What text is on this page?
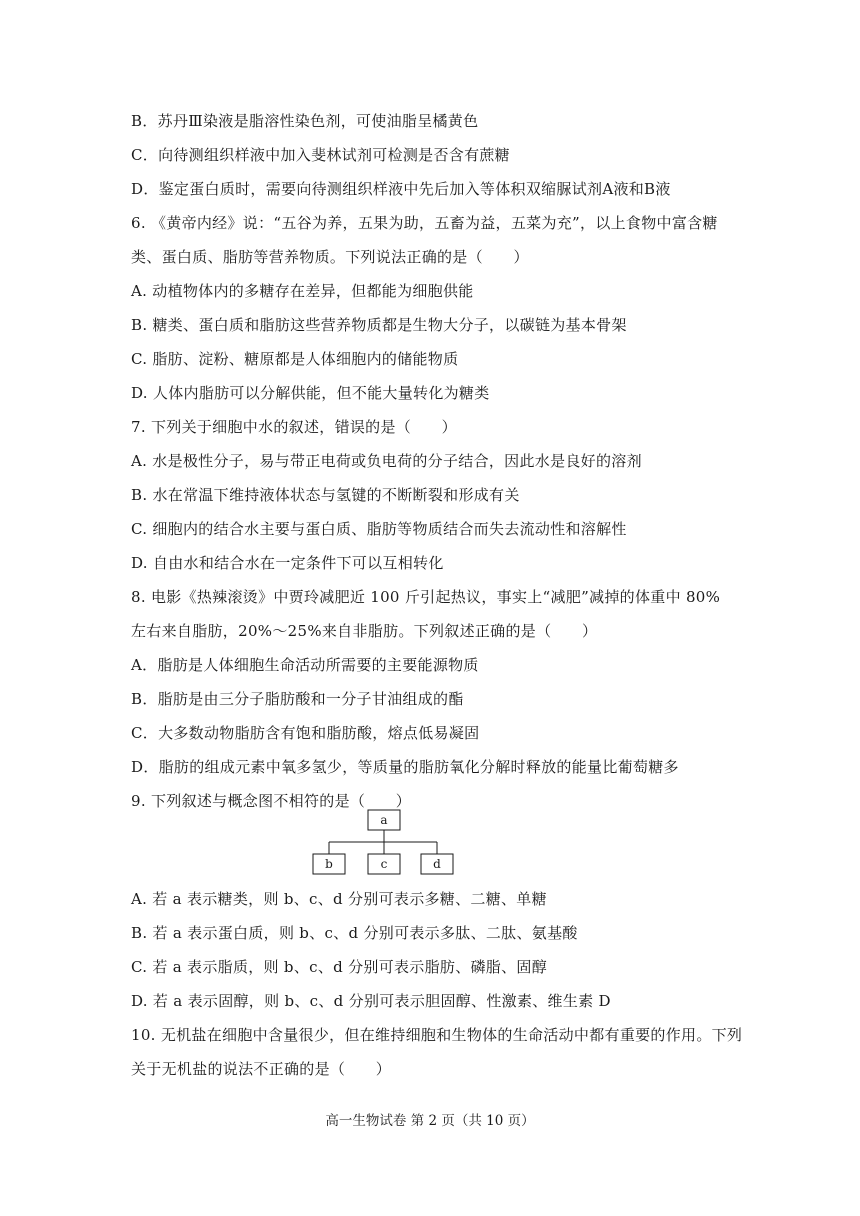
B．苏丹Ⅲ染液是脂溶性染色剂，可使油脂呈橘黄色
C．向待测组织样液中加入斐林试剂可检测是否含有蔗糖
D．鉴定蛋白质时，需要向待测组织样液中先后加入等体积双缩脲试剂A液和B液
6. 《黄帝内经》说：“五谷为养，五果为助，五畜为益，五菜为充”，以上食物中富含糖
类、蛋白质、脂肪等营养物质。下列说法正确的是（　　）
A. 动植物体内的多糖存在差异，但都能为细胞供能
B. 糖类、蛋白质和脂肪这些营养物质都是生物大分子，以碳链为基本骨架
C. 脂肪、淀粉、糖原都是人体细胞内的储能物质
D. 人体内脂肪可以分解供能，但不能大量转化为糖类
7. 下列关于细胞中水的叙述，错误的是（　　）
A. 水是极性分子，易与带正电荷或负电荷的分子结合，因此水是良好的溶剂
B. 水在常温下维持液体状态与氢键的不断断裂和形成有关
C. 细胞内的结合水主要与蛋白质、脂肪等物质结合而失去流动性和溶解性
D. 自由水和结合水在一定条件下可以互相转化
8. 电影《热辣滚烫》中贾玲减肥近 100 斤引起热议，事实上“减肥”减掉的体重中 80%
左右来自脂肪，20%～25%来自非脂肪。下列叙述正确的是（　　）
A．脂肪是人体细胞生命活动所需要的主要能源物质
B．脂肪是由三分子脂肪酸和一分子甘油组成的酯
C．大多数动物脂肪含有饱和脂肪酸，熔点低易凝固
D．脂肪的组成元素中氧多氢少，等质量的脂肪氧化分解时释放的能量比葡萄糖多
9. 下列叙述与概念图不相符的是（　　）
a
b	c	d
A. 若 a 表示糖类，则 b、c、d 分别可表示多糖、二糖、单糖
B. 若 a 表示蛋白质，则 b、c、d 分别可表示多肽、二肽、氨基酸
C. 若 a 表示脂质，则 b、c、d 分别可表示脂肪、磷脂、固醇
D. 若 a 表示固醇，则 b、c、d 分别可表示胆固醇、性激素、维生素 D
10. 无机盐在细胞中含量很少，但在维持细胞和生物体的生命活动中都有重要的作用。下列
关于无机盐的说法不正确的是（　　）
高一生物试卷 第 2 页（共 10 页）
